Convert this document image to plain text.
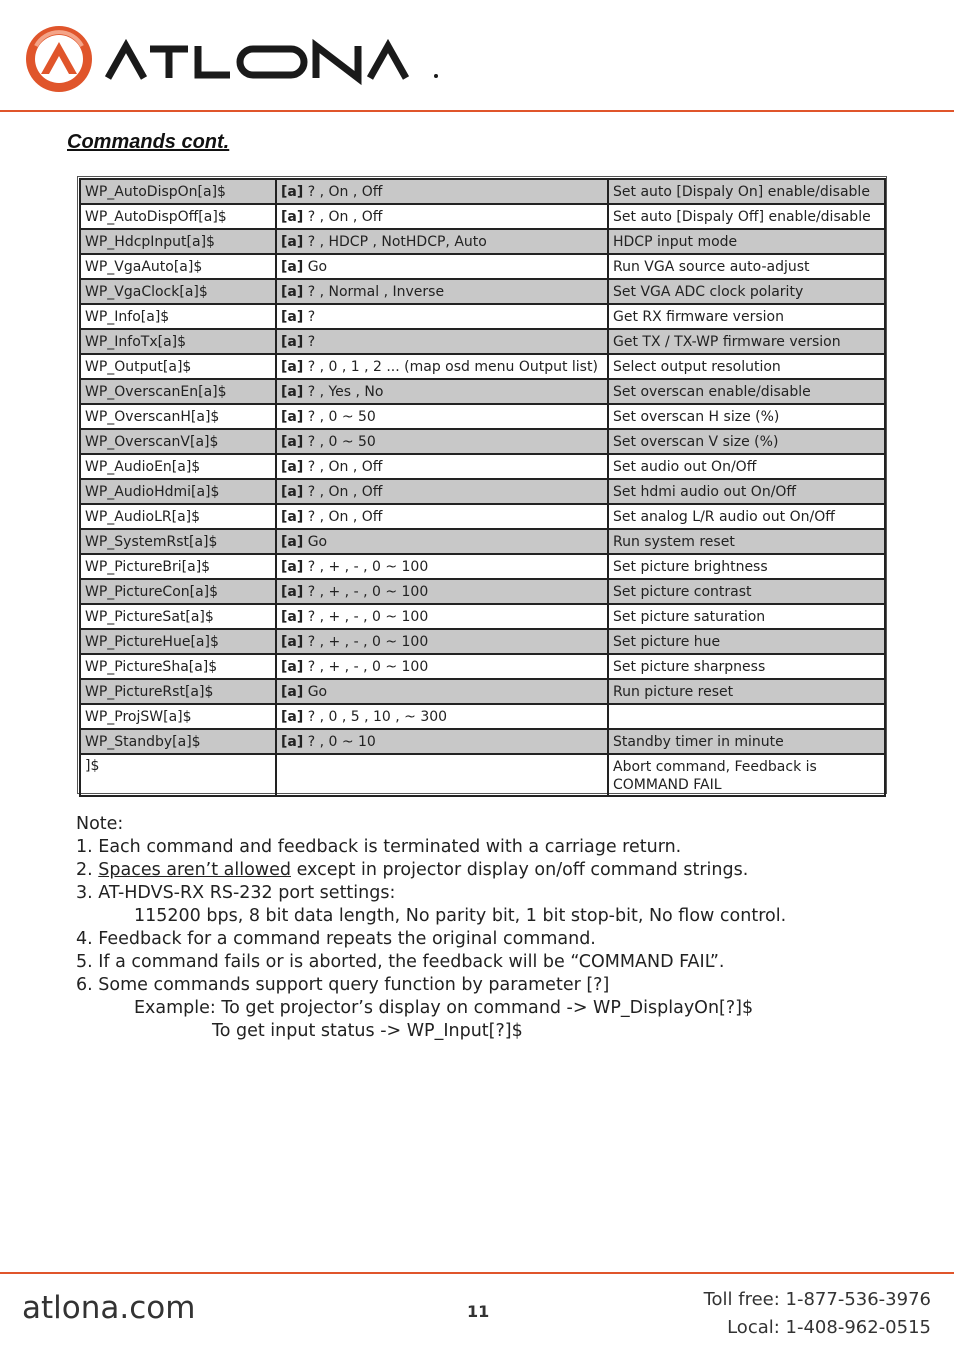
Commands cont.
WP_AutoDispOn[a]$	[a] ? , On , Off	Set auto [Dispaly On] enable/disable
WP_AutoDispOff[a]$	[a] ? , On , Off	Set auto [Dispaly Off] enable/disable
WP_HdcpInput[a]$	[a] ? , HDCP , NotHDCP, Auto	HDCP input mode
WP_VgaAuto[a]$	[a] Go	Run VGA source auto-adjust
WP_VgaClock[a]$	[a] ? , Normal , Inverse	Set VGA ADC clock polarity
WP_Info[a]$	[a] ?	Get RX firmware version
WP_InfoTx[a]$	[a] ?	Get TX / TX-WP firmware version
WP_Output[a]$	[a] ? , 0 , 1 , 2 ... (map osd menu Output list)	Select output resolution
WP_OverscanEn[a]$	[a] ? , Yes , No	Set overscan enable/disable
WP_OverscanH[a]$	[a] ? , 0 ~ 50	Set overscan H size (%)
WP_OverscanV[a]$	[a] ? , 0 ~ 50	Set overscan V size (%)
WP_AudioEn[a]$	[a] ? , On , Off	Set audio out On/Off
WP_AudioHdmi[a]$	[a] ? , On , Off	Set hdmi audio out On/Off
WP_AudioLR[a]$	[a] ? , On , Off	Set analog L/R audio out On/Off
WP_SystemRst[a]$	[a] Go	Run system reset
WP_PictureBri[a]$	[a] ? , + , - , 0 ~ 100	Set picture brightness
WP_PictureCon[a]$	[a] ? , + , - , 0 ~ 100	Set picture contrast
WP_PictureSat[a]$	[a] ? , + , - , 0 ~ 100	Set picture saturation
WP_PictureHue[a]$	[a] ? , + , - , 0 ~ 100	Set picture hue
WP_PictureSha[a]$	[a] ? , + , - , 0 ~ 100	Set picture sharpness
WP_PictureRst[a]$	[a] Go	Run picture reset
WP_ProjSW[a]$	[a] ? , 0 , 5 , 10 , ~ 300	
WP_Standby[a]$	[a] ? , 0 ~ 10	Standby timer in minute
]$		Abort command, Feedback is
COMMAND FAIL
Note:
1. Each command and feedback is terminated with a carriage return.
2. Spaces aren’t allowed except in projector display on/off command strings.
3. AT-HDVS-RX RS-232 port settings:
115200 bps, 8 bit data length, No parity bit, 1 bit stop-bit, No flow control.
4. Feedback for a command repeats the original command.
5. If a command fails or is aborted, the feedback will be “COMMAND FAIL”.
6. Some commands support query function by parameter [?]
Example: To get projector’s display on command -> WP_DisplayOn[?]$
To get input status -> WP_Input[?]$
atlona.com	11
Toll free: 1-877-536-3976
Local: 1-408-962-0515
